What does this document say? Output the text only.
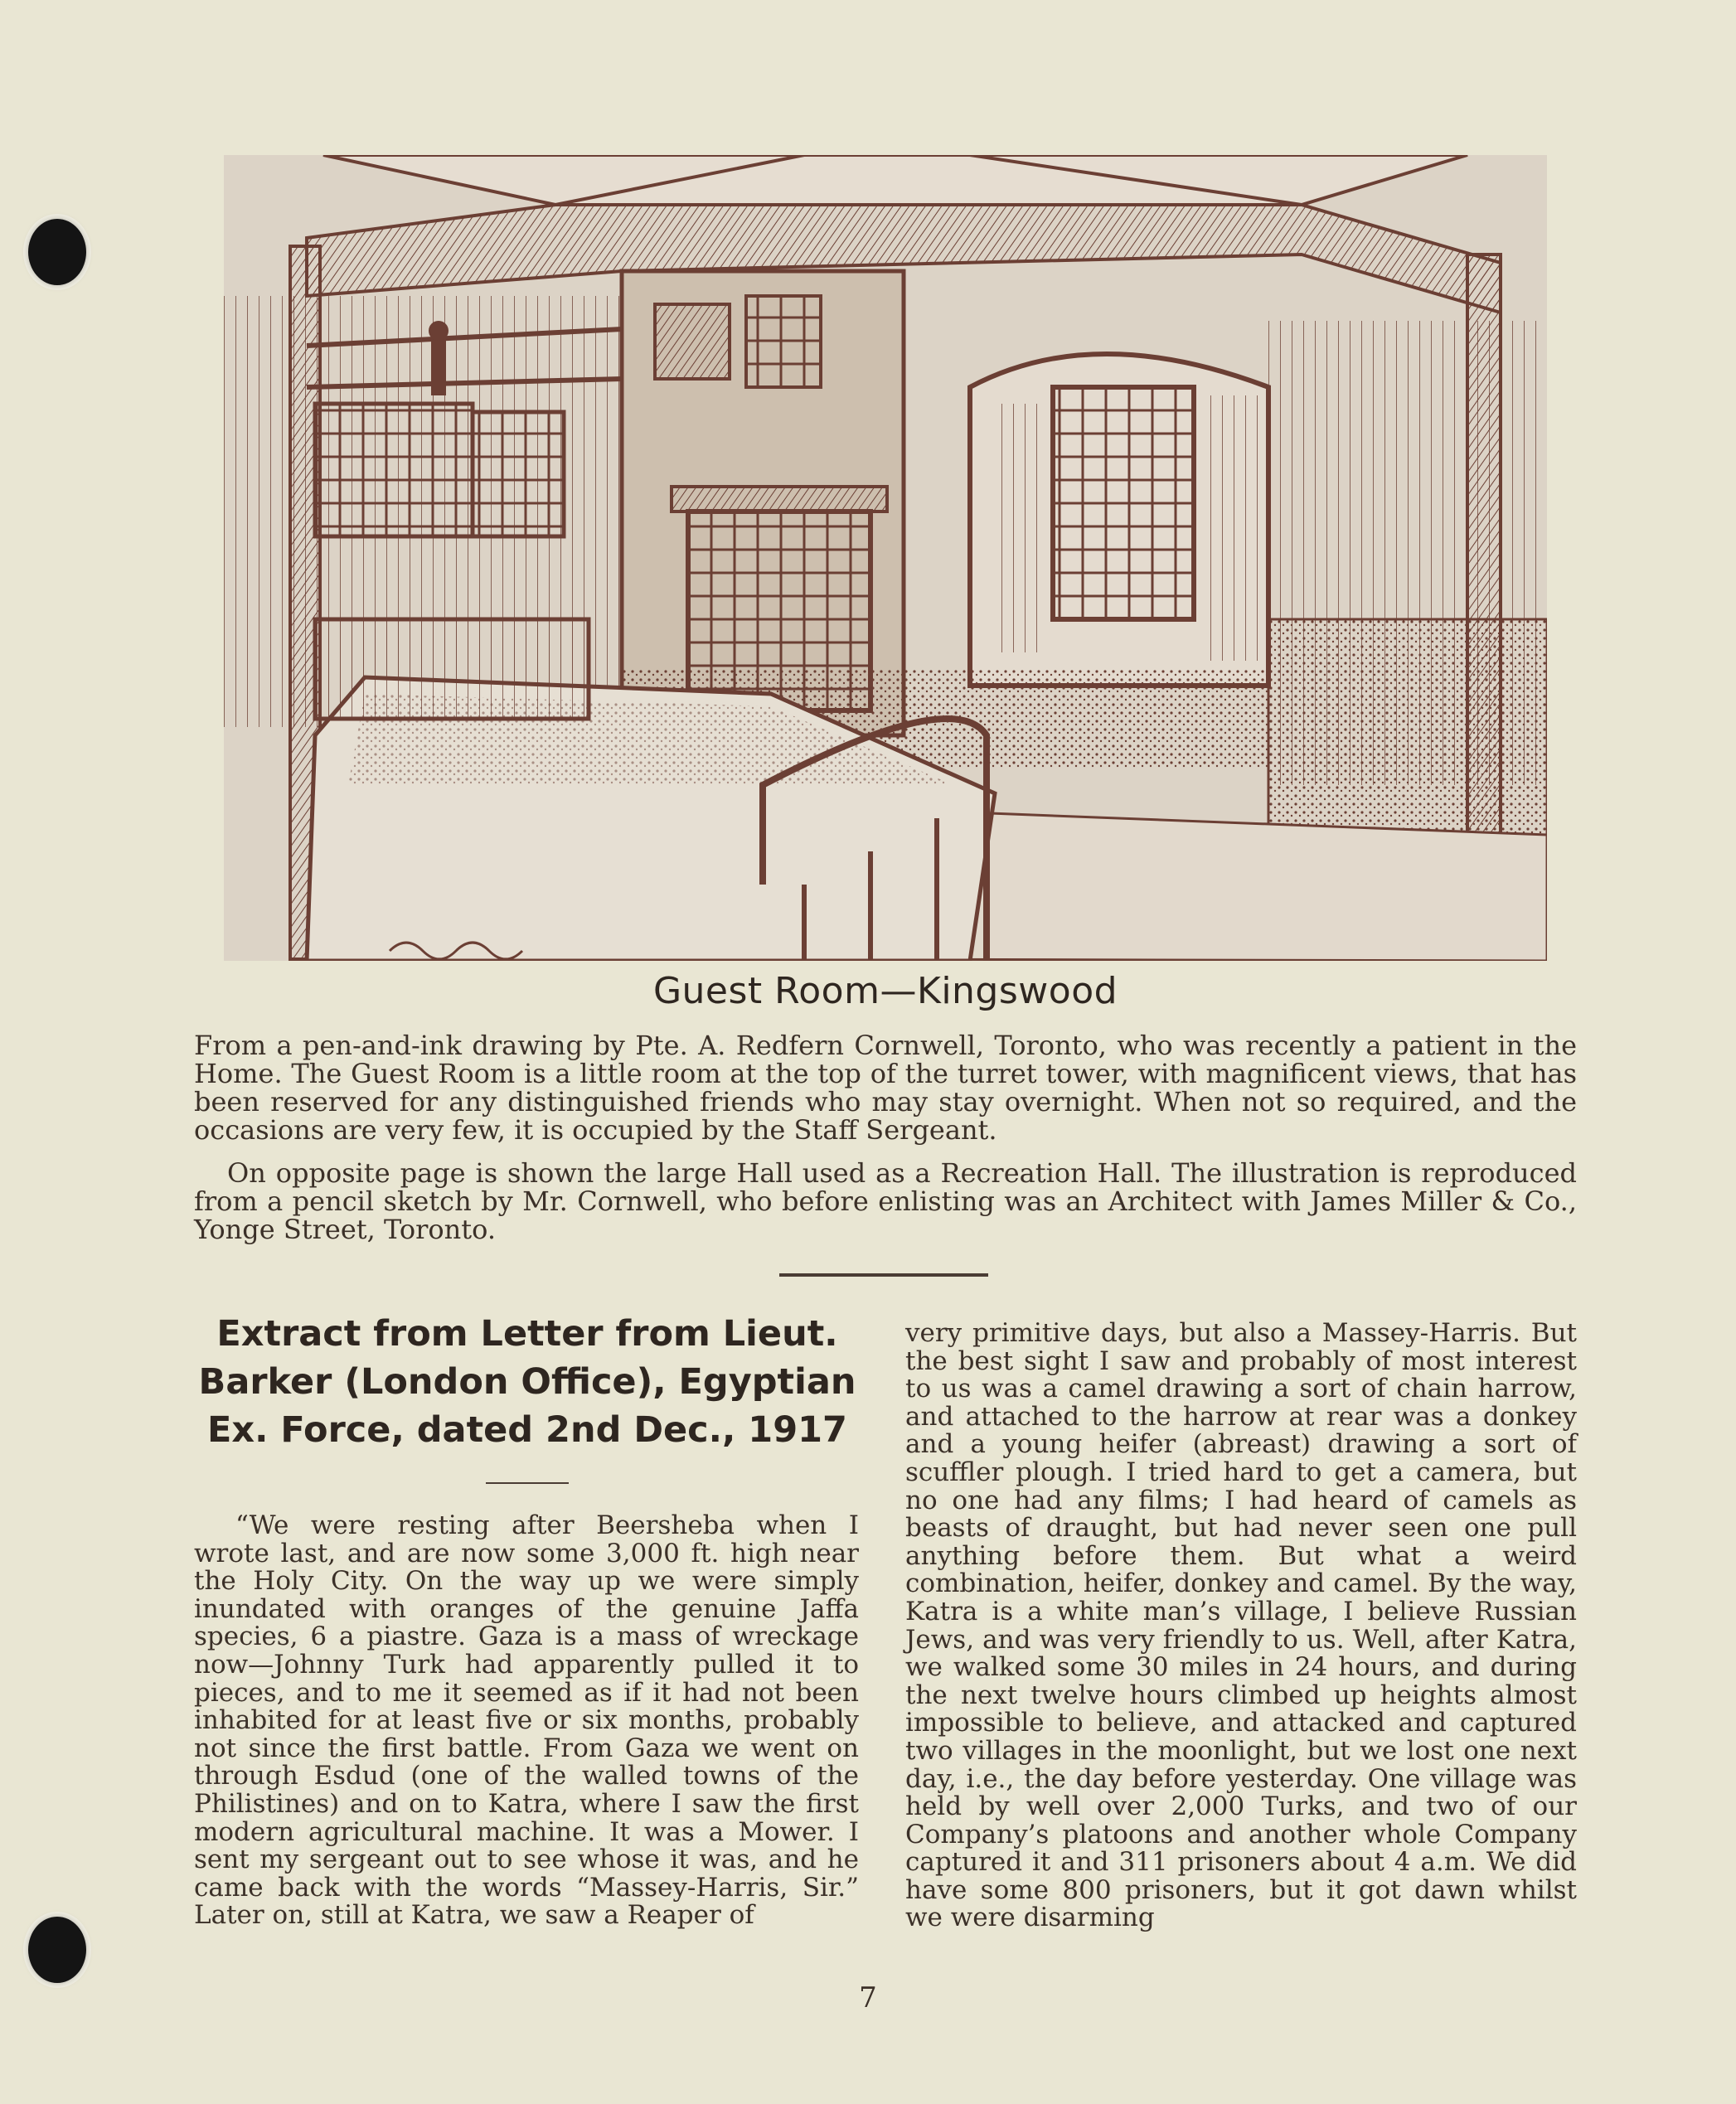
Guest Room—Kingswood

From a pen-and-ink drawing by Pte. A. Redfern Cornwell, Toronto, who was recently a patient in the Home. The Guest Room is a little room at the top of the turret tower, with magnificent views, that has been reserved for any distinguished friends who may stay overnight. When not so required, and the occasions are very few, it is occupied by the Staff Sergeant.

On opposite page is shown the large Hall used as a Recreation Hall. The illustration is reproduced from a pencil sketch by Mr. Cornwell, who before enlisting was an Architect with James Miller & Co., Yonge Street, Toronto.

Extract from Letter from Lieut. Barker (London Office), Egyptian Ex. Force, dated 2nd Dec., 1917

“We were resting after Beersheba when I wrote last, and are now some 3,000 ft. high near the Holy City. On the way up we were simply inundated with oranges of the genuine Jaffa species, 6 a piastre. Gaza is a mass of wreckage now—Johnny Turk had apparently pulled it to pieces, and to me it seemed as if it had not been inhabited for at least five or six months, probably not since the first battle. From Gaza we went on through Esdud (one of the walled towns of the Philistines) and on to Katra, where I saw the first modern agricultural machine. It was a Mower. I sent my sergeant out to see whose it was, and he came back with the words “Massey-Harris, Sir.” Later on, still at Katra, we saw a Reaper of

very primitive days, but also a Massey-Harris. But the best sight I saw and probably of most interest to us was a camel drawing a sort of chain harrow, and attached to the harrow at rear was a donkey and a young heifer (abreast) drawing a sort of scuffler plough. I tried hard to get a camera, but no one had any films; I had heard of camels as beasts of draught, but had never seen one pull anything before them. But what a weird combination, heifer, donkey and camel. By the way, Katra is a white man’s village, I believe Russian Jews, and was very friendly to us. Well, after Katra, we walked some 30 miles in 24 hours, and during the next twelve hours climbed up heights almost impossible to believe, and attacked and captured two villages in the moonlight, but we lost one next day, i.e., the day before yesterday. One village was held by well over 2,000 Turks, and two of our Company’s platoons and another whole Company captured it and 311 prisoners about 4 a.m. We did have some 800 prisoners, but it got dawn whilst we were disarming

7
